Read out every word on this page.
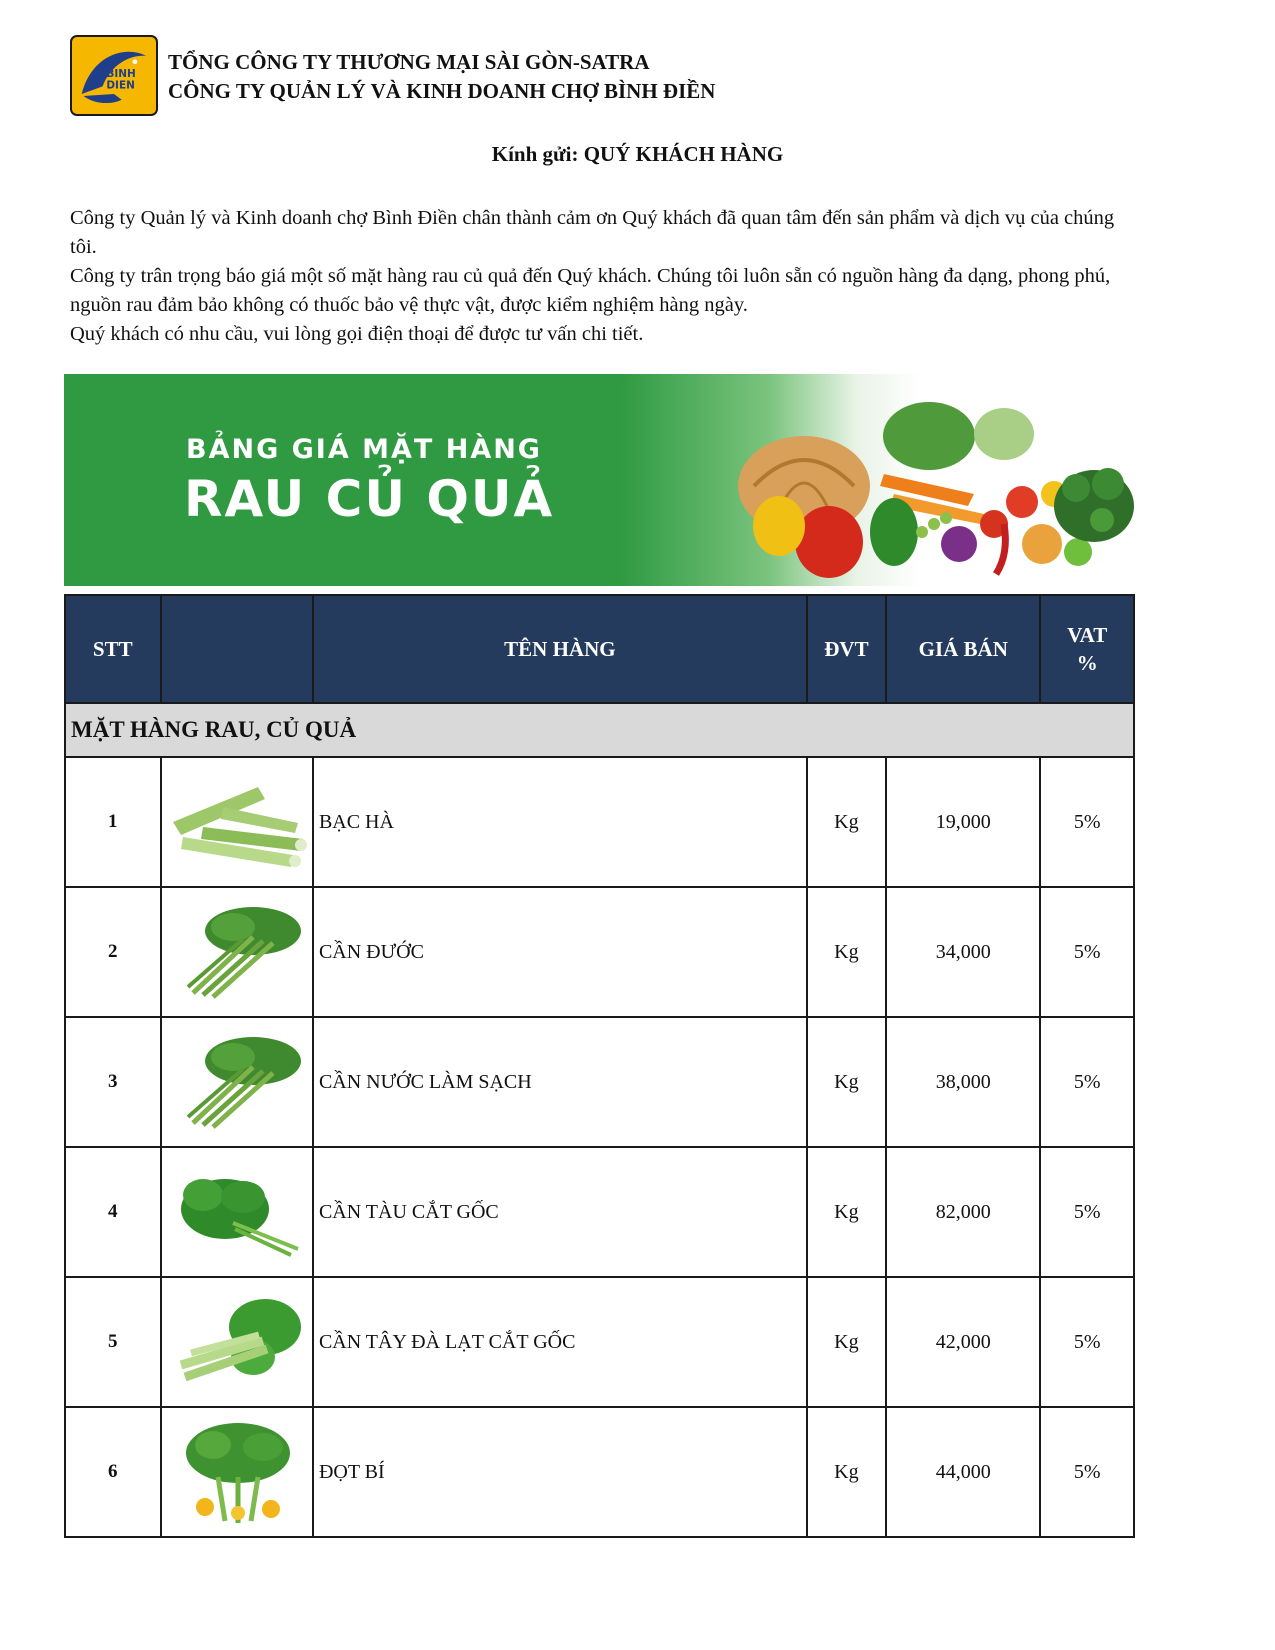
BINH
DIEN
TỔNG CÔNG TY THƯƠNG MẠI SÀI GÒN-SATRA
CÔNG TY QUẢN LÝ VÀ KINH DOANH CHỢ BÌNH ĐIỀN
Kính gửi: QUÝ KHÁCH HÀNG

Công ty Quản lý và Kinh doanh chợ Bình Điền chân thành cảm ơn Quý khách đã quan tâm đến sản phẩm và dịch vụ của chúng tôi.

Công ty trân trọng báo giá một số mặt hàng rau củ quả đến Quý khách. Chúng tôi luôn sẵn có nguồn hàng đa dạng, phong phú, nguồn rau đảm bảo không có thuốc bảo vệ thực vật, được kiểm nghiệm hàng ngày.

Quý khách có nhu cầu, vui lòng gọi điện thoại để được tư vấn chi tiết.

BẢNG GIÁ MẶT HÀNG
RAU CỦ QUẢ
STT		TÊN HÀNG	ĐVT	GIÁ BÁN	VAT
%

MẶT HÀNG RAU, CỦ QUẢ					
1		BẠC HÀ	Kg	19,000	5%
2		CẦN ĐƯỚC	Kg	34,000	5%
3		CẦN NƯỚC LÀM SẠCH	Kg	38,000	5%
4		CẦN TÀU CẮT GỐC	Kg	82,000	5%
5		CẦN TÂY ĐÀ LẠT CẮT GỐC	Kg	42,000	5%
6		ĐỌT BÍ	Kg	44,000	5%
